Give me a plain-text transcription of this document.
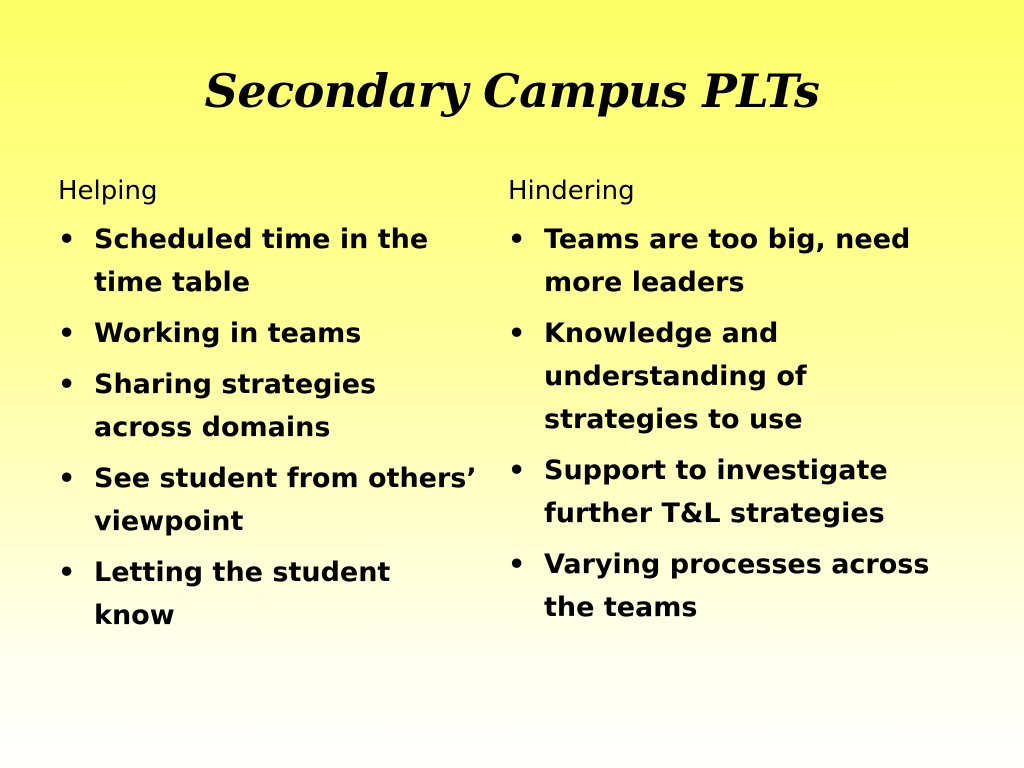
Secondary Campus PLTs
Helping
• Scheduled time in the time table
• Working in teams
• Sharing strategies across domains
• See student from others’ viewpoint
• Letting the student know
Hindering
• Teams are too big, need more leaders
• Knowledge and understanding of strategies to use
• Support to investigate further T&L strategies
• Varying processes across the teams
